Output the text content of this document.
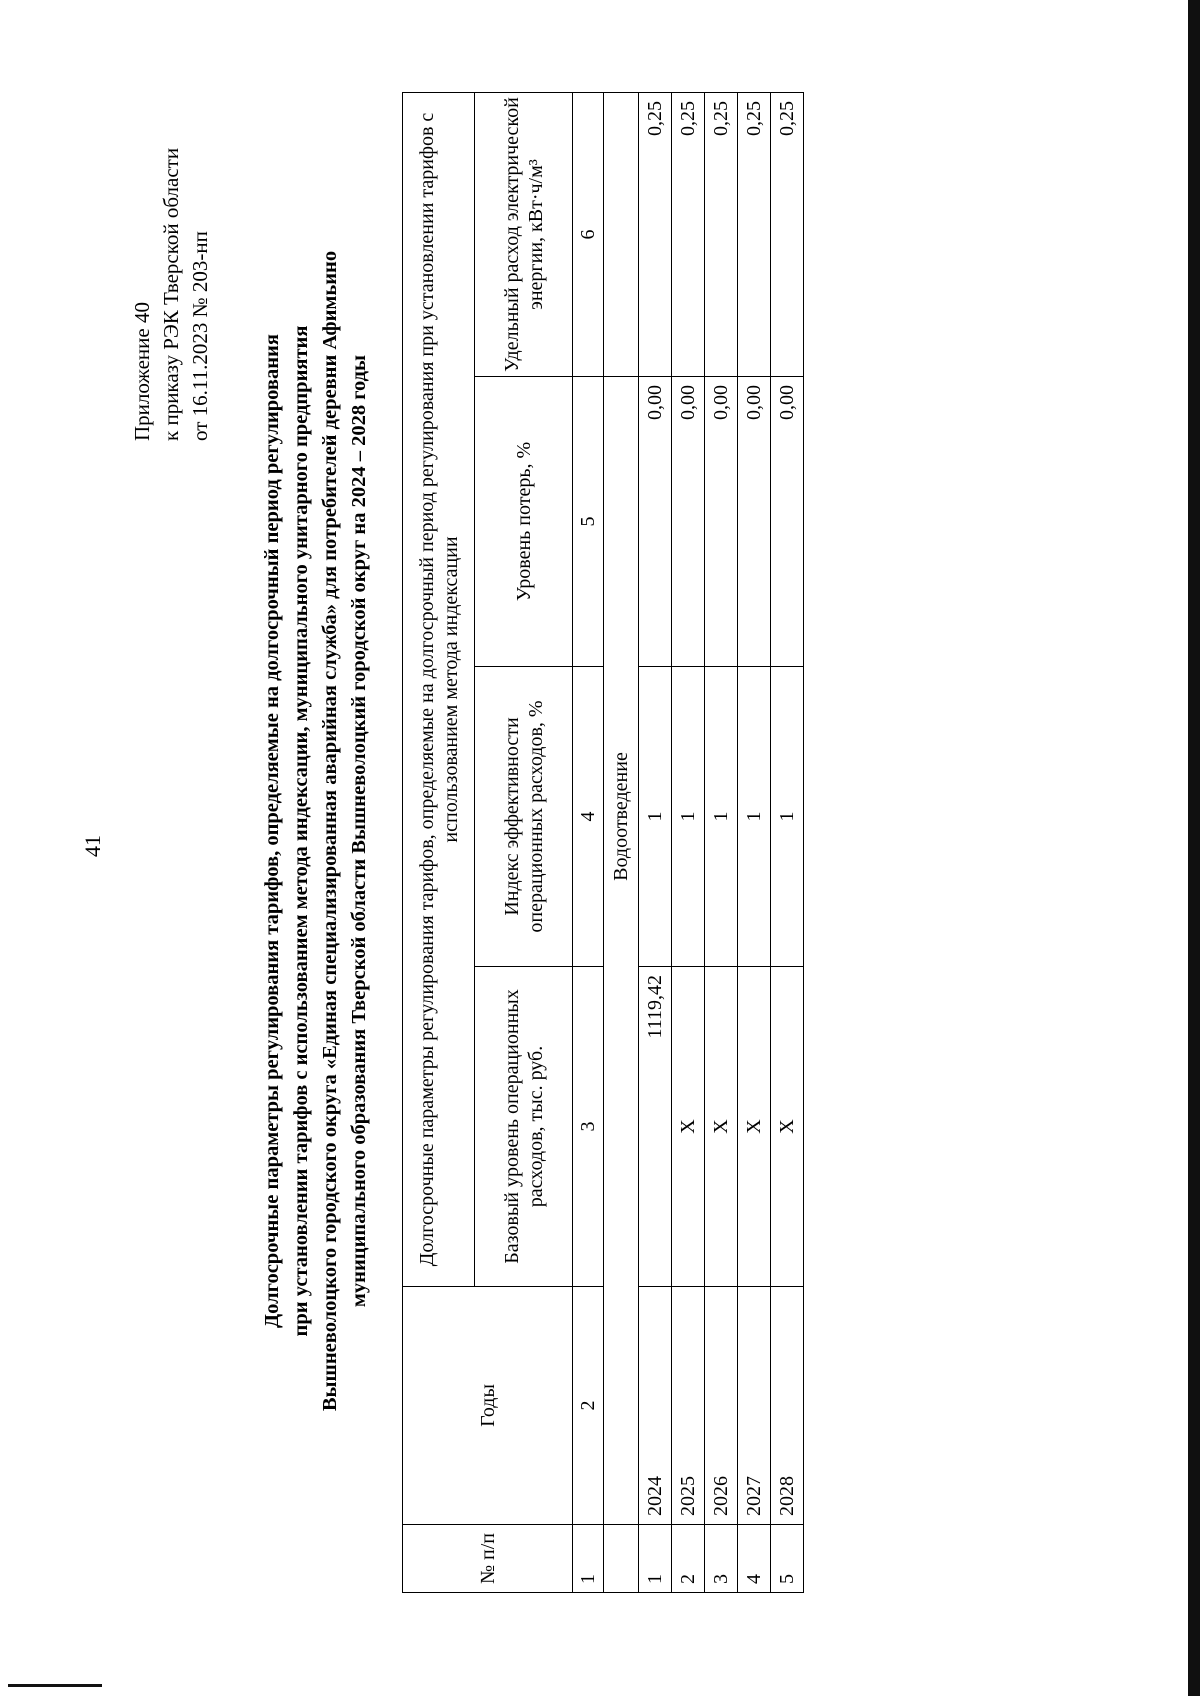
41
Приложение 40 к приказу РЭК Тверской области от 16.11.2023 № 203-нп Долгосрочные параметры регулирования тарифов, определяемые на долгосрочный период регулирования при установлении тарифов с использованием метода индексации, муниципального унитарного предприятия Вышневолоцкого городского округа «Единая специализированная аварийная служба» для потребителей деревни Афимьино муниципального образования Тверской области Вышневолоцкий городской округ на 2024 – 2028 годы
№ п/п	Годы	Долгосрочные параметры регулирования тарифов, определяемые на долгосрочный период регулирования при установлении тарифов с использованием метода индексации			
		Базовый уровень операционных расходов, тыс. руб.	Индекс эффективности операционных расходов, %	Уровень потерь, %	Удельный расход электрической энергии, кВт·ч/м³
1	2	3	4	5	6
			Водоотведение		
1	2024	1119,42	1	0,00	0,25
2	2025	Х	1	0,00	0,25
3	2026	Х	1	0,00	0,25
4	2027	Х	1	0,00	0,25
5	2028	Х	1	0,00	0,25
